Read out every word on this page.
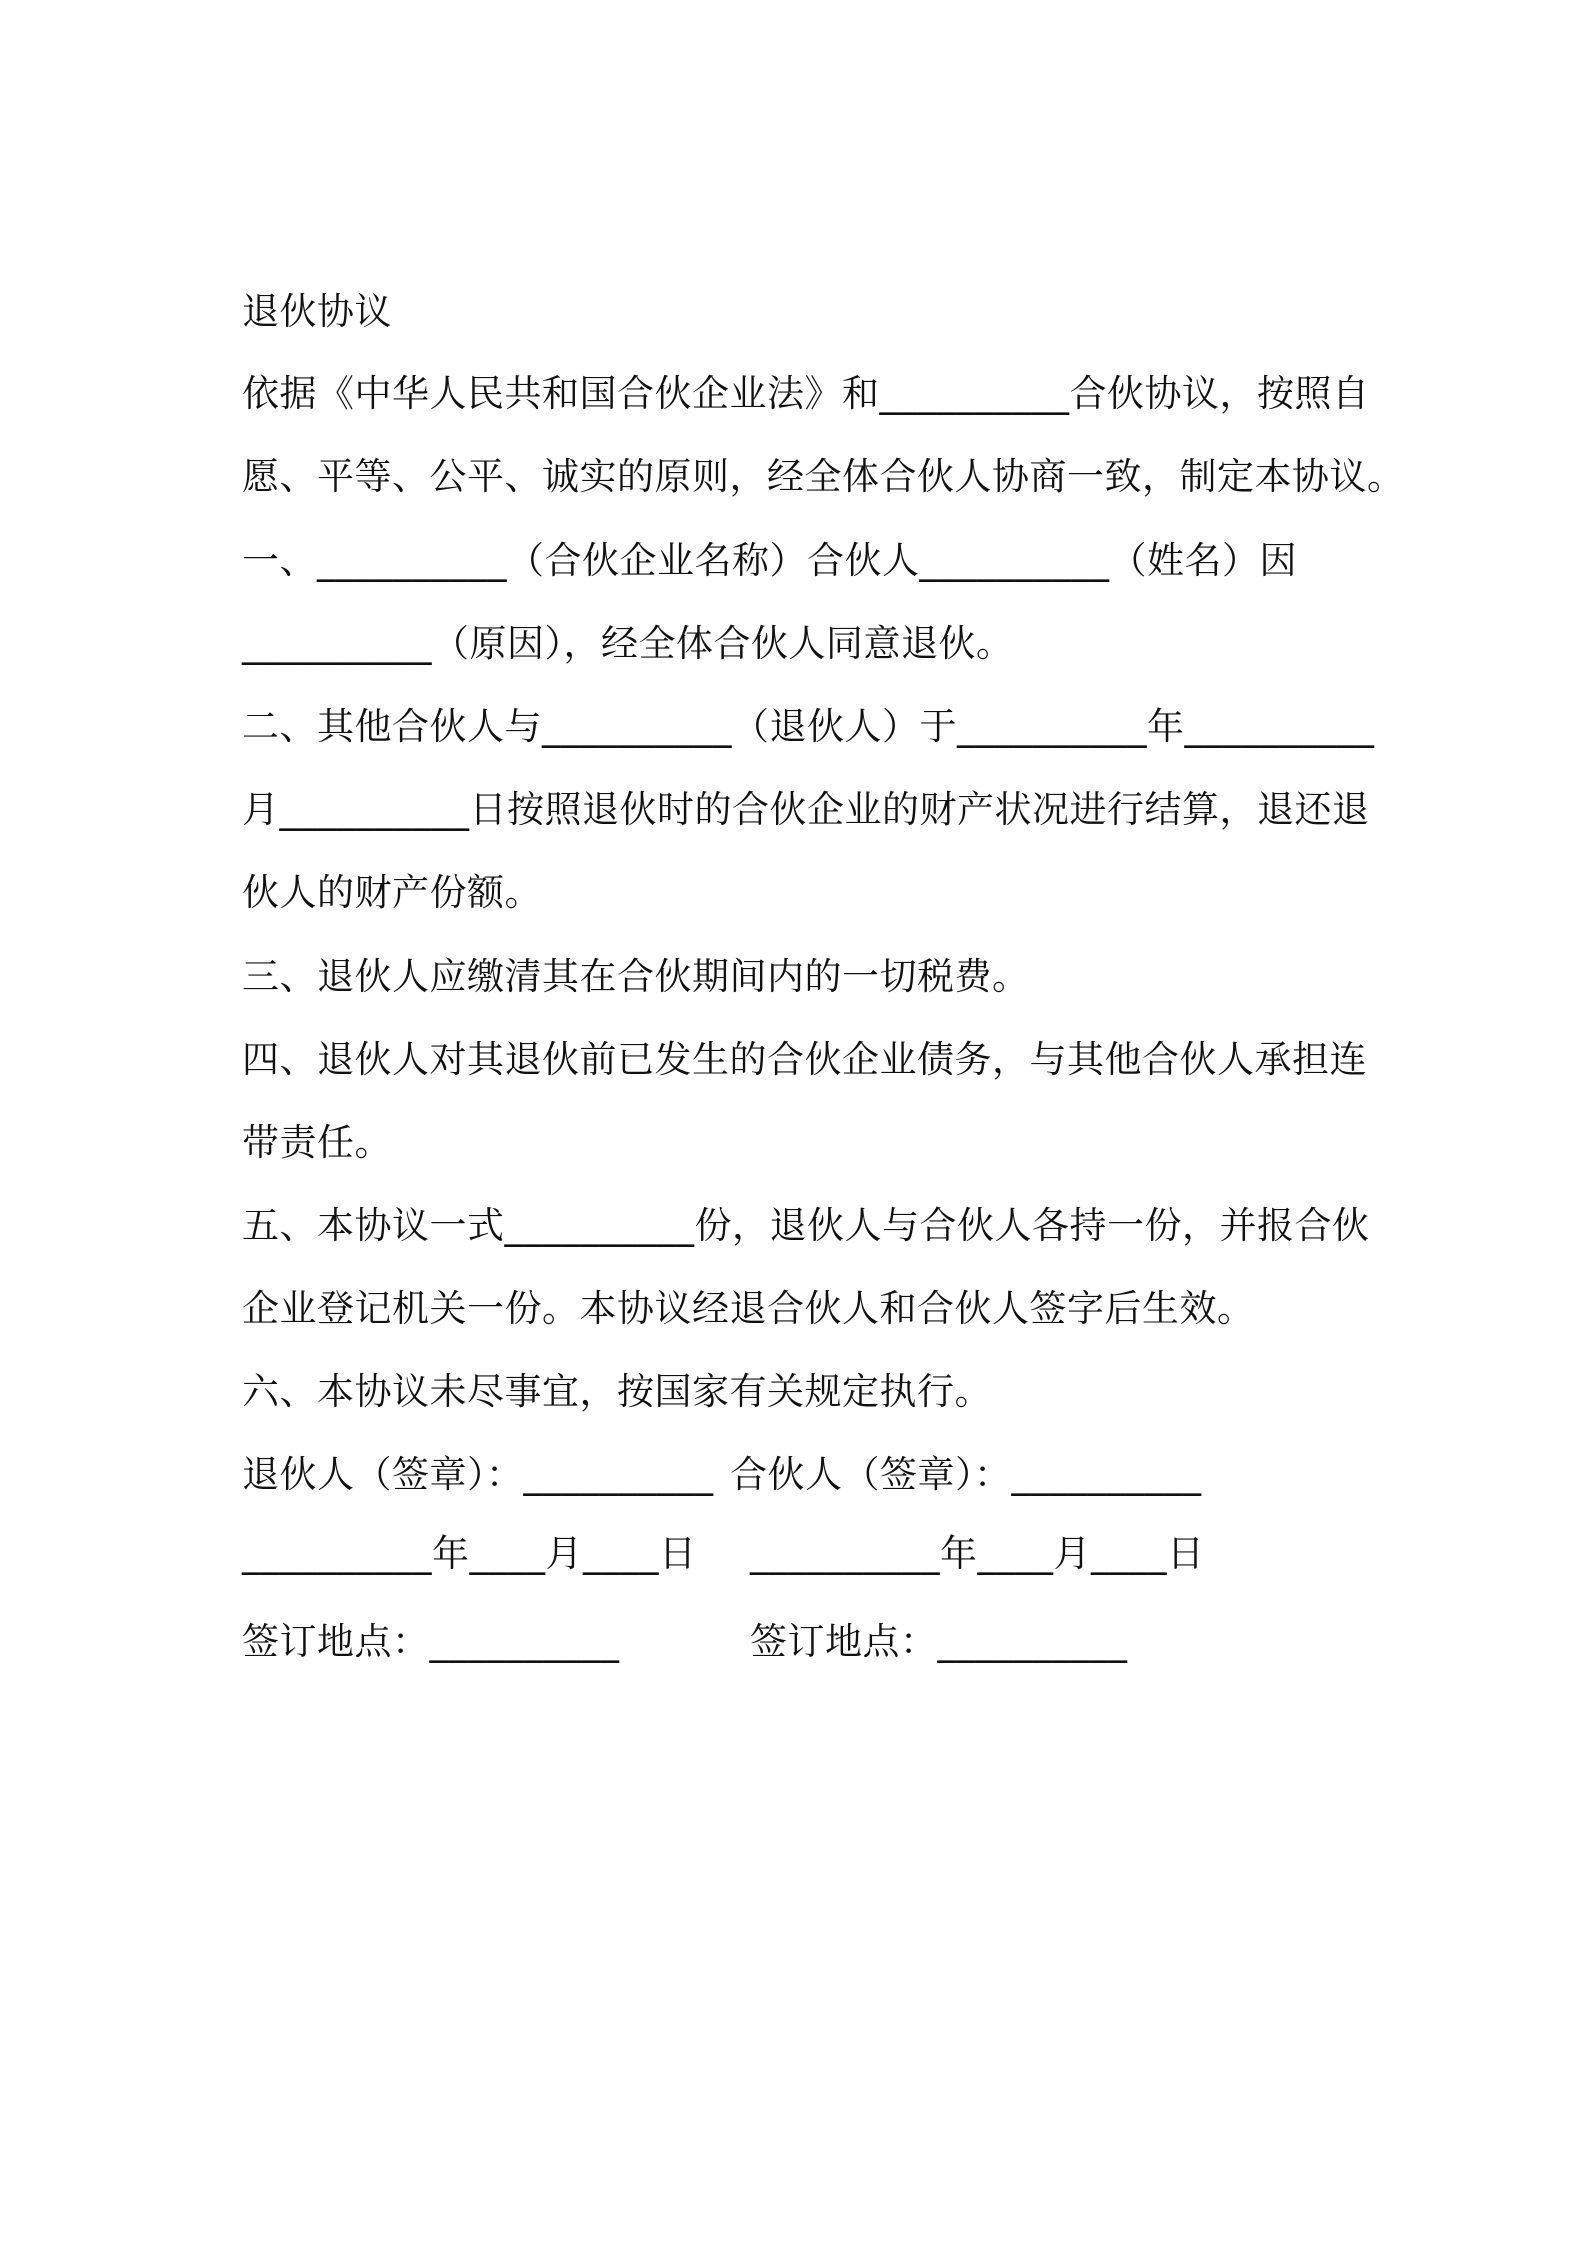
退伙协议
依据《中华人民共和国合伙企业法》和__________合伙协议，按照自
愿、平等、公平、诚实的原则，经全体合伙人协商一致，制定本协议。
一、__________（合伙企业名称）合伙人__________（姓名）因
__________（原因），经全体合伙人同意退伙。
二、其他合伙人与__________（退伙人）于__________年__________
月__________日按照退伙时的合伙企业的财产状况进行结算，退还退
伙人的财产份额。
三、退伙人应缴清其在合伙期间内的一切税费。
四、退伙人对其退伙前已发生的合伙企业债务，与其他合伙人承担连
带责任。
五、本协议一式__________份，退伙人与合伙人各持一份，并报合伙
企业登记机关一份。本协议经退合伙人和合伙人签字后生效。
六、本协议未尽事宜，按国家有关规定执行。
退伙人（签章）：__________ 合伙人（签章）：__________
__________年____月____日 __________年____月____日
签订地点：__________	签订地点：__________
